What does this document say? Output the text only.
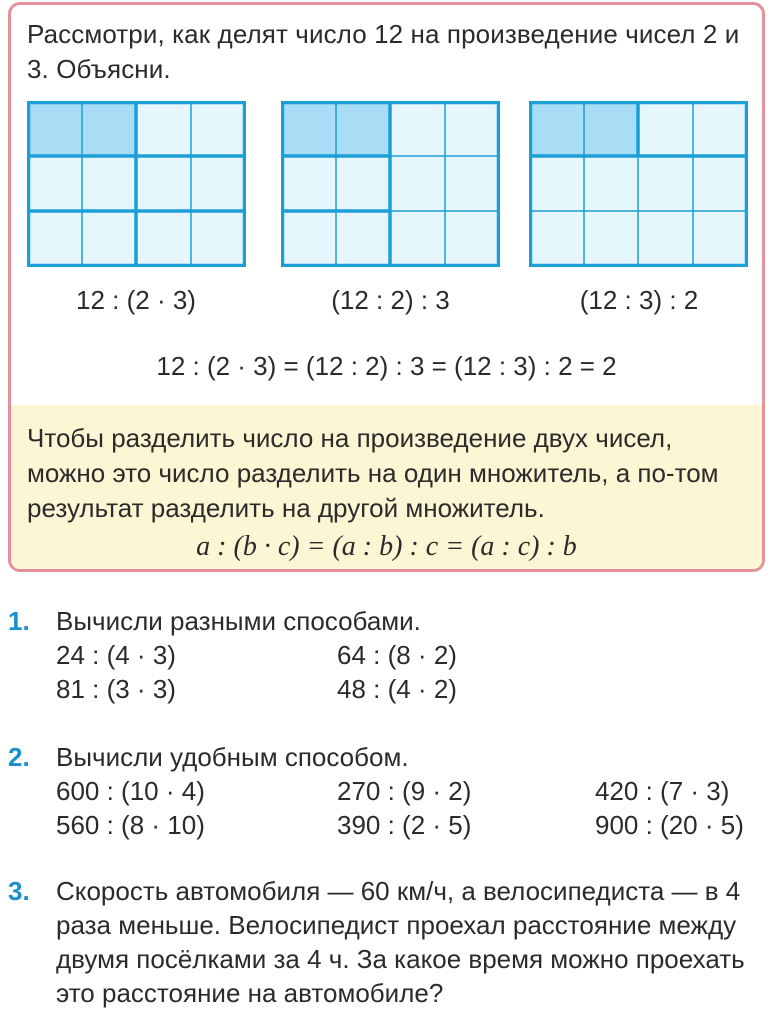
Рассмотри, как делят число 12 на произведение чисел 2 и 3. Объясни.
12 : (2 · 3)	(12 : 2) : 3	(12 : 3) : 2
12 : (2 · 3) = (12 : 2) : 3 = (12 : 3) : 2 = 2
Чтобы разделить число на произведение двух чисел, можно это число разделить на один множитель, а по-том результат разделить на другой множитель.
a : (b · c) = (a : b) : c = (a : c) : b
1. Вычисли разными способами.
24 : (4 · 3)	64 : (8 · 2)
81 : (3 · 3)	48 : (4 · 2)
2. Вычисли удобным способом.
600 : (10 · 4)	270 : (9 · 2)	420 : (7 · 3)
560 : (8 · 10)	390 : (2 · 5)	900 : (20 · 5)
3. Скорость автомобиля — 60 км/ч, а велосипедиста — в 4 раза меньше. Велосипедист проехал расстояние между двумя посёлками за 4 ч. За какое время можно проехать это расстояние на автомобиле?
